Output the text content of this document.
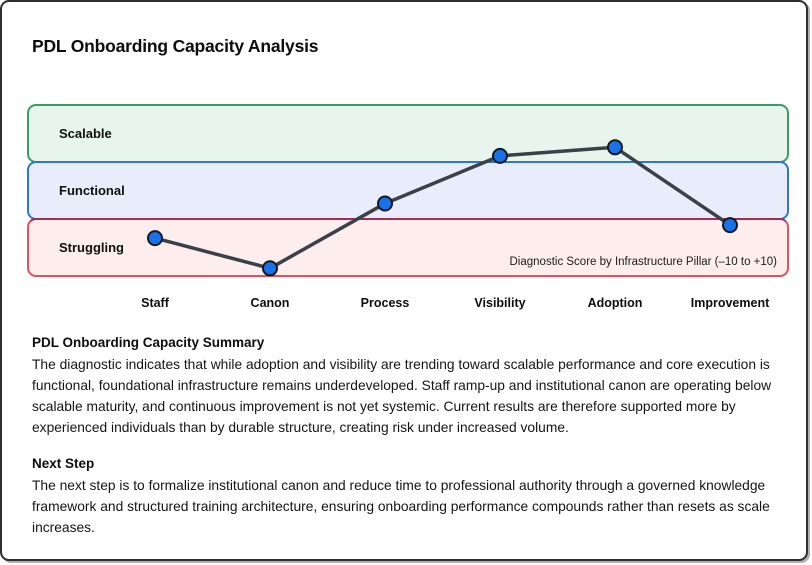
PDL Onboarding Capacity Analysis
Scalable
Functional
Struggling
Diagnostic Score by Infrastructure Pillar (–10 to +10)
Staff	Canon	Process	Visibility	Adoption	Improvement

PDL Onboarding Capacity Summary

The diagnostic indicates that while adoption and visibility are trending toward scalable performance and core execution is functional, foundational infrastructure remains underdeveloped. Staff ramp-up and institutional canon are operating below scalable maturity, and continuous improvement is not yet systemic. Current results are therefore supported more by experienced individuals than by durable structure, creating risk under increased volume.

Next Step

The next step is to formalize institutional canon and reduce time to professional authority through a governed knowledge framework and structured training architecture, ensuring onboarding performance compounds rather than resets as scale increases.
